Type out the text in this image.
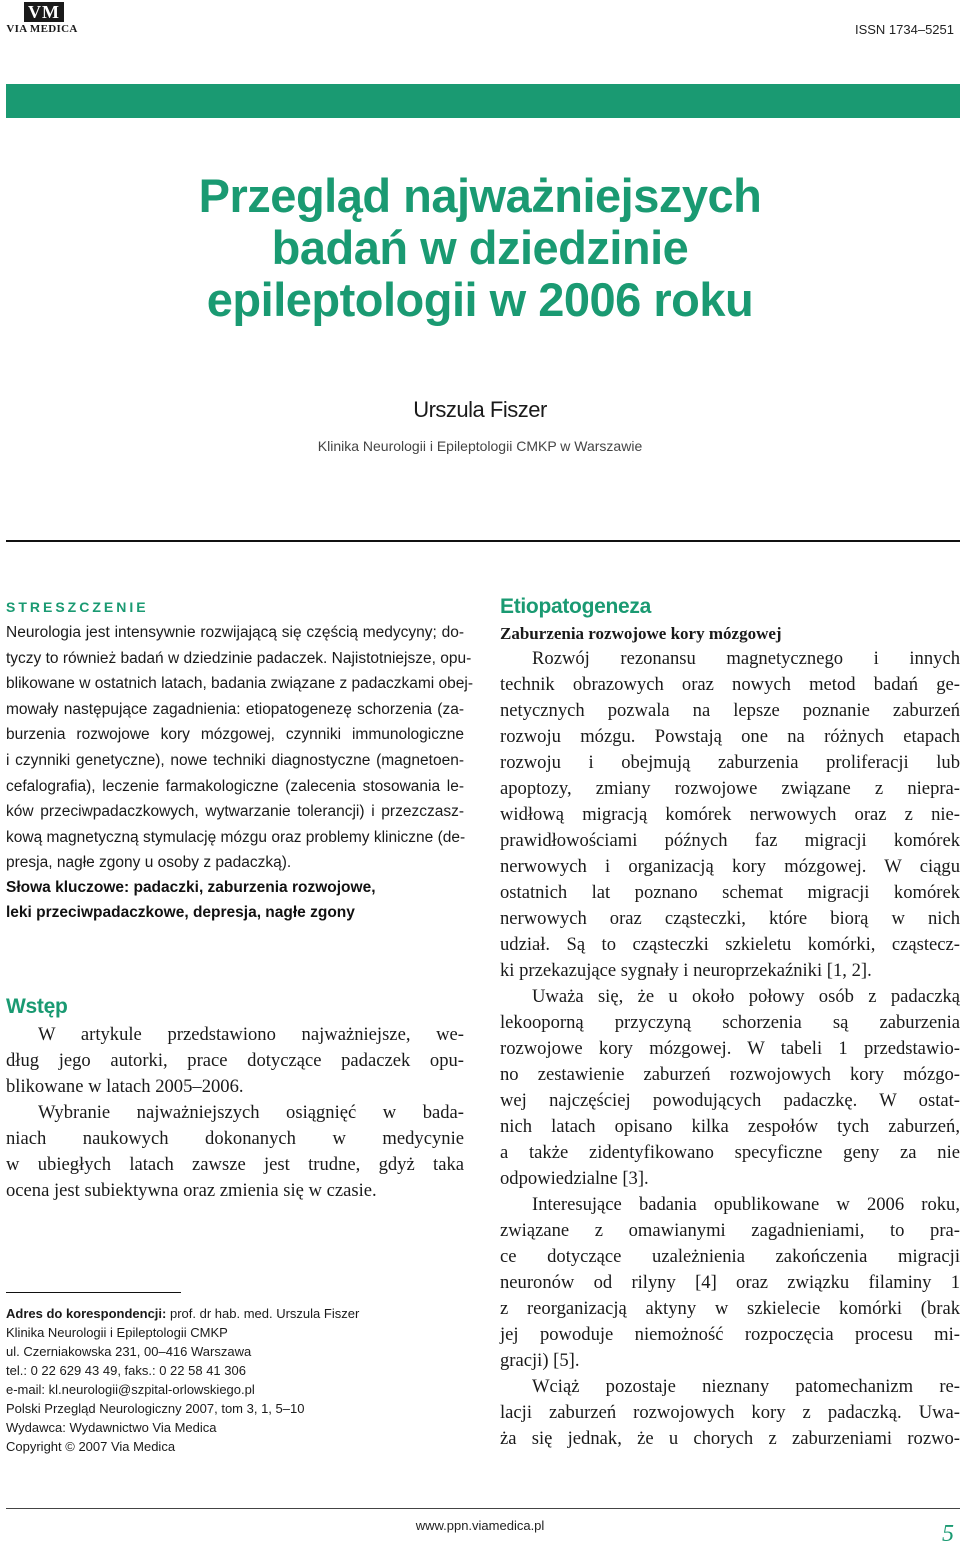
VM
VIA MEDICA	ISSN 1734–5251
Przegląd najważniejszych
badań w dziedzinie
epileptologii w 2006 roku
Urszula Fiszer
Klinika Neurologii i Epileptologii CMKP w Warszawie
STRESZCZENIE
Neurologia jest intensywnie rozwijającą się częścią medycyny; do-
tyczy to również badań w dziedzinie padaczek. Najistotniejsze, opu-
blikowane w ostatnich latach, badania związane z padaczkami obej-
mowały następujące zagadnienia: etiopatogenezę schorzenia (za-
burzenia rozwojowe kory mózgowej, czynniki immunologiczne
i czynniki genetyczne), nowe techniki diagnostyczne (magnetoen-
cefalografia), leczenie farmakologiczne (zalecenia stosowania le-
ków przeciwpadaczkowych, wytwarzanie tolerancji) i przezczasz-
kową magnetyczną stymulację mózgu oraz problemy kliniczne (de-
presja, nagłe zgony u osoby z padaczką).
Słowa kluczowe: padaczki, zaburzenia rozwojowe,
leki przeciwpadaczkowe, depresja, nagłe zgony
Wstęp
W artykule przedstawiono najważniejsze, we-
dług jego autorki, prace dotyczące padaczek opu-
blikowane w latach 2005–2006.
Wybranie najważniejszych osiągnięć w bada-
niach naukowych dokonanych w medycynie
w ubiegłych latach zawsze jest trudne, gdyż taka
ocena jest subiektywna oraz zmienia się w czasie.
Adres do korespondencji: prof. dr hab. med. Urszula Fiszer
Klinika Neurologii i Epileptologii CMKP
ul. Czerniakowska 231, 00–416 Warszawa
tel.: 0 22 629 43 49, faks.: 0 22 58 41 306
e-mail: kl.neurologii@szpital-orlowskiego.pl
Polski Przegląd Neurologiczny 2007, tom 3, 1, 5–10
Wydawca: Wydawnictwo Via Medica
Copyright © 2007 Via Medica
Etiopatogeneza
Zaburzenia rozwojowe kory mózgowej
Rozwój rezonansu magnetycznego i innych
technik obrazowych oraz nowych metod badań ge-
netycznych pozwala na lepsze poznanie zaburzeń
rozwoju mózgu. Powstają one na różnych etapach
rozwoju i obejmują zaburzenia proliferacji lub
apoptozy, zmiany rozwojowe związane z niepra-
widłową migracją komórek nerwowych oraz z nie-
prawidłowościami późnych faz migracji komórek
nerwowych i organizacją kory mózgowej. W ciągu
ostatnich lat poznano schemat migracji komórek
nerwowych oraz cząsteczki, które biorą w nich
udział. Są to cząsteczki szkieletu komórki, cząstecz-
ki przekazujące sygnały i neuroprzekaźniki [1, 2].
Uważa się, że u około połowy osób z padaczką
lekooporną przyczyną schorzenia są zaburzenia
rozwojowe kory mózgowej. W tabeli 1 przedstawio-
no zestawienie zaburzeń rozwojowych kory mózgo-
wej najczęściej powodujących padaczkę. W ostat-
nich latach opisano kilka zespołów tych zaburzeń,
a także zidentyfikowano specyficzne geny za nie
odpowiedzialne [3].
Interesujące badania opublikowane w 2006 roku,
związane z omawianymi zagadnieniami, to pra-
ce dotyczące uzależnienia zakończenia migracji
neuronów od rilyny [4] oraz związku filaminy 1
z reorganizacją aktyny w szkielecie komórki (brak
jej powoduje niemożność rozpoczęcia procesu mi-
gracji) [5].
Wciąż pozostaje nieznany patomechanizm re-
lacji zaburzeń rozwojowych kory z padaczką. Uwa-
ża się jednak, że u chorych z zaburzeniami rozwo-
www.ppn.viamedica.pl	5
